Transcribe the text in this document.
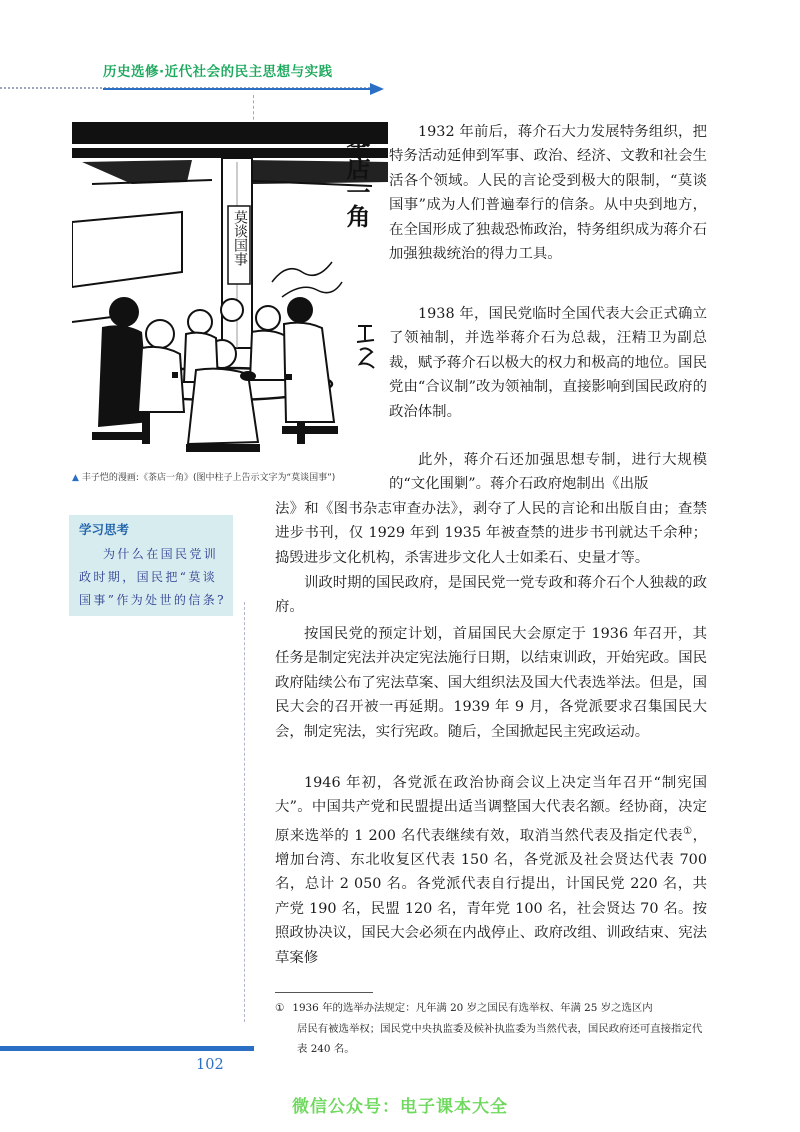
历史选修·近代社会的民主思想与实践
茶店一角
莫谈国事
▲ 丰子恺的漫画:《茶店一角》(图中柱子上告示文字为“莫谈国事”)
学习思考
为什么在国民党训政时期，国民把“莫谈国事”作为处世的信条?

1932 年前后，蒋介石大力发展特务组织，把特务活动延伸到军事、政治、经济、文教和社会生活各个领域。人民的言论受到极大的限制，“莫谈国事”成为人们普遍奉行的信条。从中央到地方，在全国形成了独裁恐怖政治，特务组织成为蒋介石加强独裁统治的得力工具。

1938 年，国民党临时全国代表大会正式确立了领袖制，并选举蒋介石为总裁，汪精卫为副总裁，赋予蒋介石以极大的权力和极高的地位。国民党由“合议制”改为领袖制，直接影响到国民政府的政治体制。

此外，蒋介石还加强思想专制，进行大规模的“文化围剿”。蒋介石政府炮制出《出版

法》和《图书杂志审查办法》，剥夺了人民的言论和出版自由；查禁进步书刊，仅 1929 年到 1935 年被查禁的进步书刊就达千余种；捣毁进步文化机构，杀害进步文化人士如柔石、史量才等。

训政时期的国民政府，是国民党一党专政和蒋介石个人独裁的政府。

按国民党的预定计划，首届国民大会原定于 1936 年召开，其任务是制定宪法并决定宪法施行日期，以结束训政，开始宪政。国民政府陆续公布了宪法草案、国大组织法及国大代表选举法。但是，国民大会的召开被一再延期。1939 年 9 月，各党派要求召集国民大会，制定宪法，实行宪政。随后，全国掀起民主宪政运动。

1946 年初，各党派在政治协商会议上决定当年召开“制宪国大”。中国共产党和民盟提出适当调整国大代表名额。经协商，决定原来选举的 1 200 名代表继续有效，取消当然代表及指定代表①，增加台湾、东北收复区代表 150 名，各党派及社会贤达代表 700 名，总计 2 050 名。各党派代表自行提出，计国民党 220 名，共产党 190 名，民盟 120 名，青年党 100 名，社会贤达 70 名。按照政协决议，国民大会必须在内战停止、政府改组、训政结束、宪法草案修

① 1936 年的选举办法规定：凡年满 20 岁之国民有选举权、年满 25 岁之选区内
居民有被选举权；国民党中央执监委及候补执监委为当然代表，国民政府还可直接指定代表 240 名。
102
微信公众号：电子课本大全
